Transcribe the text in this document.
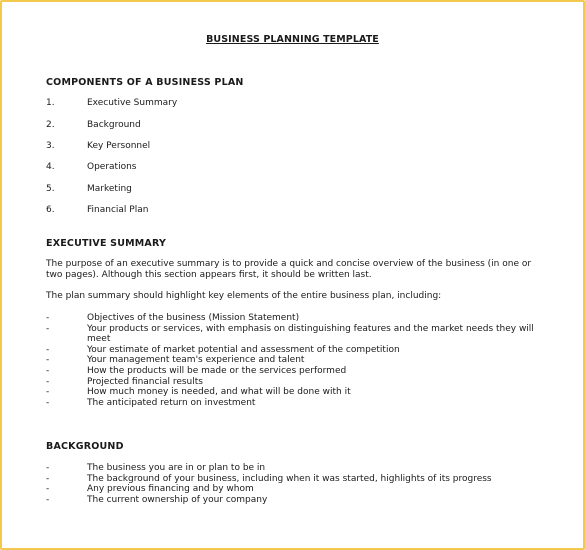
BUSINESS PLANNING TEMPLATE
COMPONENTS OF A BUSINESS PLAN
1.	Executive Summary
2.	Background
3.	Key Personnel
4.	Operations
5.	Marketing
6.	Financial Plan
EXECUTIVE SUMMARY
The purpose of an executive summary is to provide a quick and concise overview of the business (in one or two pages). Although this section appears first, it should be written last.
The plan summary should highlight key elements of the entire business plan, including:
-	Objectives of the business (Mission Statement)
-	Your products or services, with emphasis on distinguishing features and the market needs they will meet
-	Your estimate of market potential and assessment of the competition
-	Your management team's experience and talent
-	How the products will be made or the services performed
-	Projected financial results
-	How much money is needed, and what will be done with it
-	The anticipated return on investment
BACKGROUND
-	The business you are in or plan to be in
-	The background of your business, including when it was started, highlights of its progress
-	Any previous financing and by whom
-	The current ownership of your company
